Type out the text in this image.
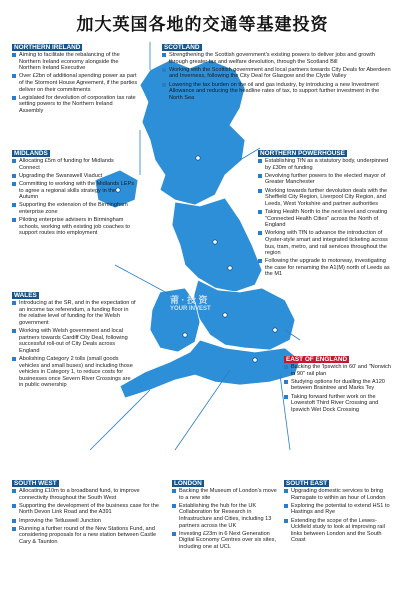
加大英国各地的交通等基建投资
莆 · 投 资
YOUR INVEST
NORTHERN IRELAND
Aiming to facilitate the rebalancing of the Northern Ireland economy alongside the Northern Ireland Executive
Over £2bn of additional spending power as part of the Stormont House Agreement, if the parties deliver on their commitments
Legislated for devolution of corporation tax rate setting powers to the Northern Ireland Assembly
SCOTLAND
Strengthening the Scottish government's existing powers to deliver jobs and growth through greater tax and welfare devolution, through the Scotland Bill
Working with the Scottish government and local partners towards City Deals for Aberdeen and Inverness, following the City Deal for Glasgow and the Clyde Valley
Lowering the tax burden on the oil and gas industry, by introducing a new Investment Allowance and reducing the headline rates of tax, to support further investment in the North Sea
MIDLANDS
Allocating £5m of funding for Midlands Connect
Upgrading the Swanswell Viaduct
Committing to working with the Midlands LEPs to agree a regional skills strategy in the Autumn
Supporting the extension of the Birmingham enterprise zone
Piloting enterprise advisers in Birmingham schools, working with existing job coaches to support routes into employment
NORTHERN POWERHOUSE
Establishing TfN as a statutory body, underpinned by £30m of funding
Devolving further powers to the elected mayor of Greater Manchester
Working towards further devolution deals with the Sheffield City Region, Liverpool City Region, and Leeds, West Yorkshire and partner authorities
Taking Health North to the next level and creating "Connected Health Cities" across the North of England
Working with TfN to advance the introduction of Oyster-style smart and integrated ticketing across bus, tram, metro, and rail services throughout the region
Following the upgrade to motorway, investigating the case for renaming the A1(M) north of Leeds as the M1
WALES
Introducing at the SR, and in the expectation of an income tax referendum, a funding floor in the relative level of funding for the Welsh government
Working with Welsh government and local partners towards Cardiff City Deal, following successful roll-out of City Deals across England
Abolishing Category 2 tolls (small goods vehicles and small buses) and including those vehicles in Category 1, to reduce costs for businesses once Severn River Crossings are in public ownership
EAST OF ENGLAND
Backing the 'Ipswich in 60' and "Norwich in 90" rail plan
Studying options for dualling the A120 between Braintree and Marks Tey
Taking forward further work on the Lowestoft Third River Crossing and Ipswich Wet Dock Crossing
SOUTH WEST
Allocating £10m to a broadband fund, to improve connectivity throughout the South West
Supporting the development of the business case for the North Devon Link Road and the A391
Improving the Tetluswell Junction
Running a further round of the New Stations Fund, and considering proposals for a new station between Castle Cary & Taunton
LONDON
Backing the Museum of London's move to a new site
Establishing the hub for the UK Collaboration for Research in Infrastructure and Cities, including 13 partners across the UK
Investing £23m in 6 Next Generation Digital Economy Centres over six sites, including one at UCL
SOUTH EAST
Upgrading domestic services to bring Ramsgate to within an hour of London
Exploring the potential to extend HS1 to Hastings and Rye
Extending the scope of the Lewes-Uckfield study to look at improving rail links between London and the South Coast
